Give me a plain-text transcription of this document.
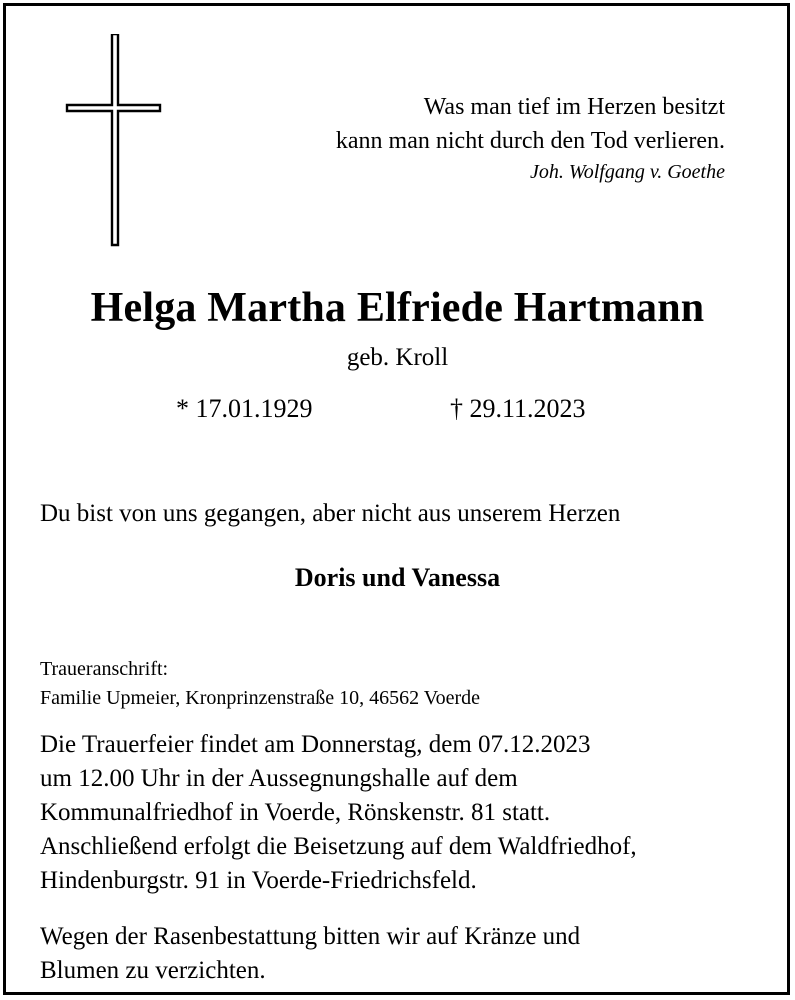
Was man tief im Herzen besitzt
kann man nicht durch den Tod verlieren.
Joh. Wolfgang v. Goethe
Helga Martha Elfriede Hartmann
geb. Kroll
* 17.01.1929	† 29.11.2023
Du bist von uns gegangen, aber nicht aus unserem Herzen
Doris und Vanessa
Traueranschrift:
Familie Upmeier, Kronprinzenstraße 10, 46562 Voerde
Die Trauerfeier findet am Donnerstag, dem 07.12.2023
um 12.00 Uhr in der Aussegnungshalle auf dem
Kommunalfriedhof in Voerde, Rönskenstr. 81 statt.
Anschließend erfolgt die Beisetzung auf dem Waldfriedhof,
Hindenburgstr. 91 in Voerde-Friedrichsfeld.
Wegen der Rasenbestattung bitten wir auf Kränze und
Blumen zu verzichten.
